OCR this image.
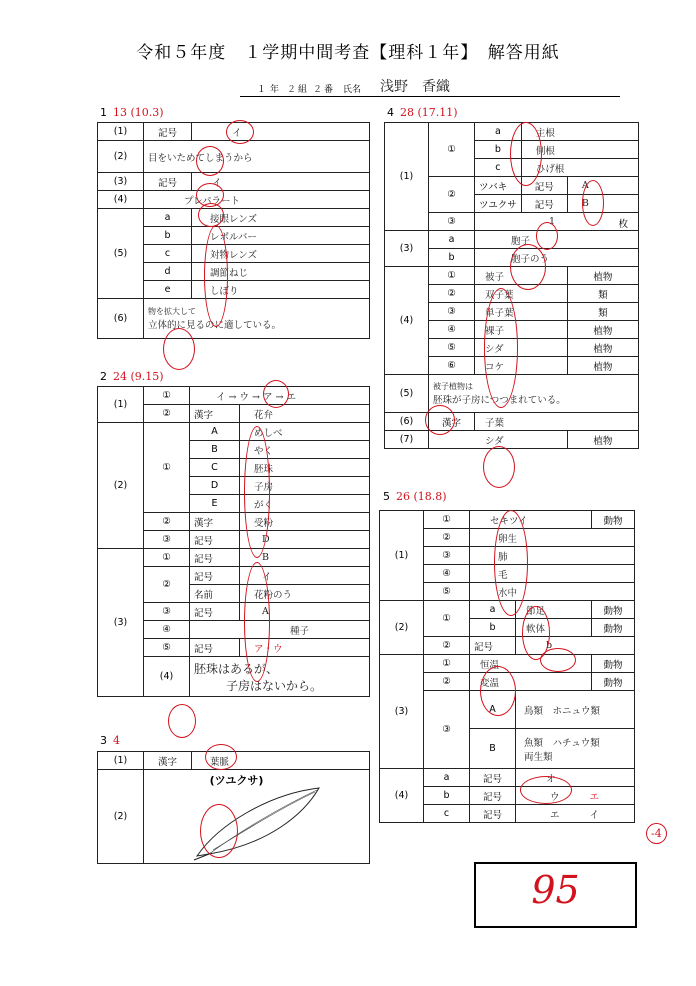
令和５年度　１学期中間考査【理科１年】　解答用紙
１ 年 ２ 組 ２ 番 氏名 浅野　香織
1 13 (10.3)
(1)	記号	イ
(2)	目をいためてしまうから	
(3)	記号	イ
(4)	プレパラート	
(5)	a	接眼レンズ
	b	レボルバー
	c	対物レンズ
	d	調節ねじ
	e	しぼり
(6)	物を拡大して
立体的に見るのに適している。	
2 24 (9.15)
(1)	①	イ → ウ → ア → エ	
	②	漢字	花弁
(2)	①	A	めしべ
		B	やく
		C	胚珠
		D	子房
		E	がく
	②	漢字	受粉
	③	記号	D
(3)	①	記号	B
	②	記号	イ
		名前	花粉のう
	③	記号	A
	④	種子	
	⑤	記号	ア・ウ
	(4)	胚珠はあるが、
子房はないから。	
3 4
(1)	漢字	葉脈
(2)	(ツユクサ)	
4 28 (17.11)
(1)	①	a	主根	
		b	側根	
		c	ひげ根	
	②	ツバキ	記号	A
		ツユクサ	記号	B
	③	1 枚		

(3)	a	胞子		
	b	胞子のう		
(4)	①	被子		植物
	②	双子葉		類
	③	単子葉		類
	④	裸子		植物
	⑤	シダ		植物
	⑥	コケ		植物
(5)	被子植物は
胚珠が子房につつまれている。			

(6)	漢字	子葉		
(7)	シダ			植物
5 26 (18.8)
(1)	①	セキツイ		動物
	②	卵生		
	③	肺		
	④	毛		
	⑤	水中		
(2)	①	a	節足	動物
		b	軟体	動物
	②	記号	b	
(3)	①	恒温		動物
	②	変温		動物
	③	A	鳥類　ホニュウ類	
		B	魚類　ハチュウ類
両生類	

(4)	a	記号	オ	
	b	記号	ウ エ	
	c	記号	エ イ	
-4
95
